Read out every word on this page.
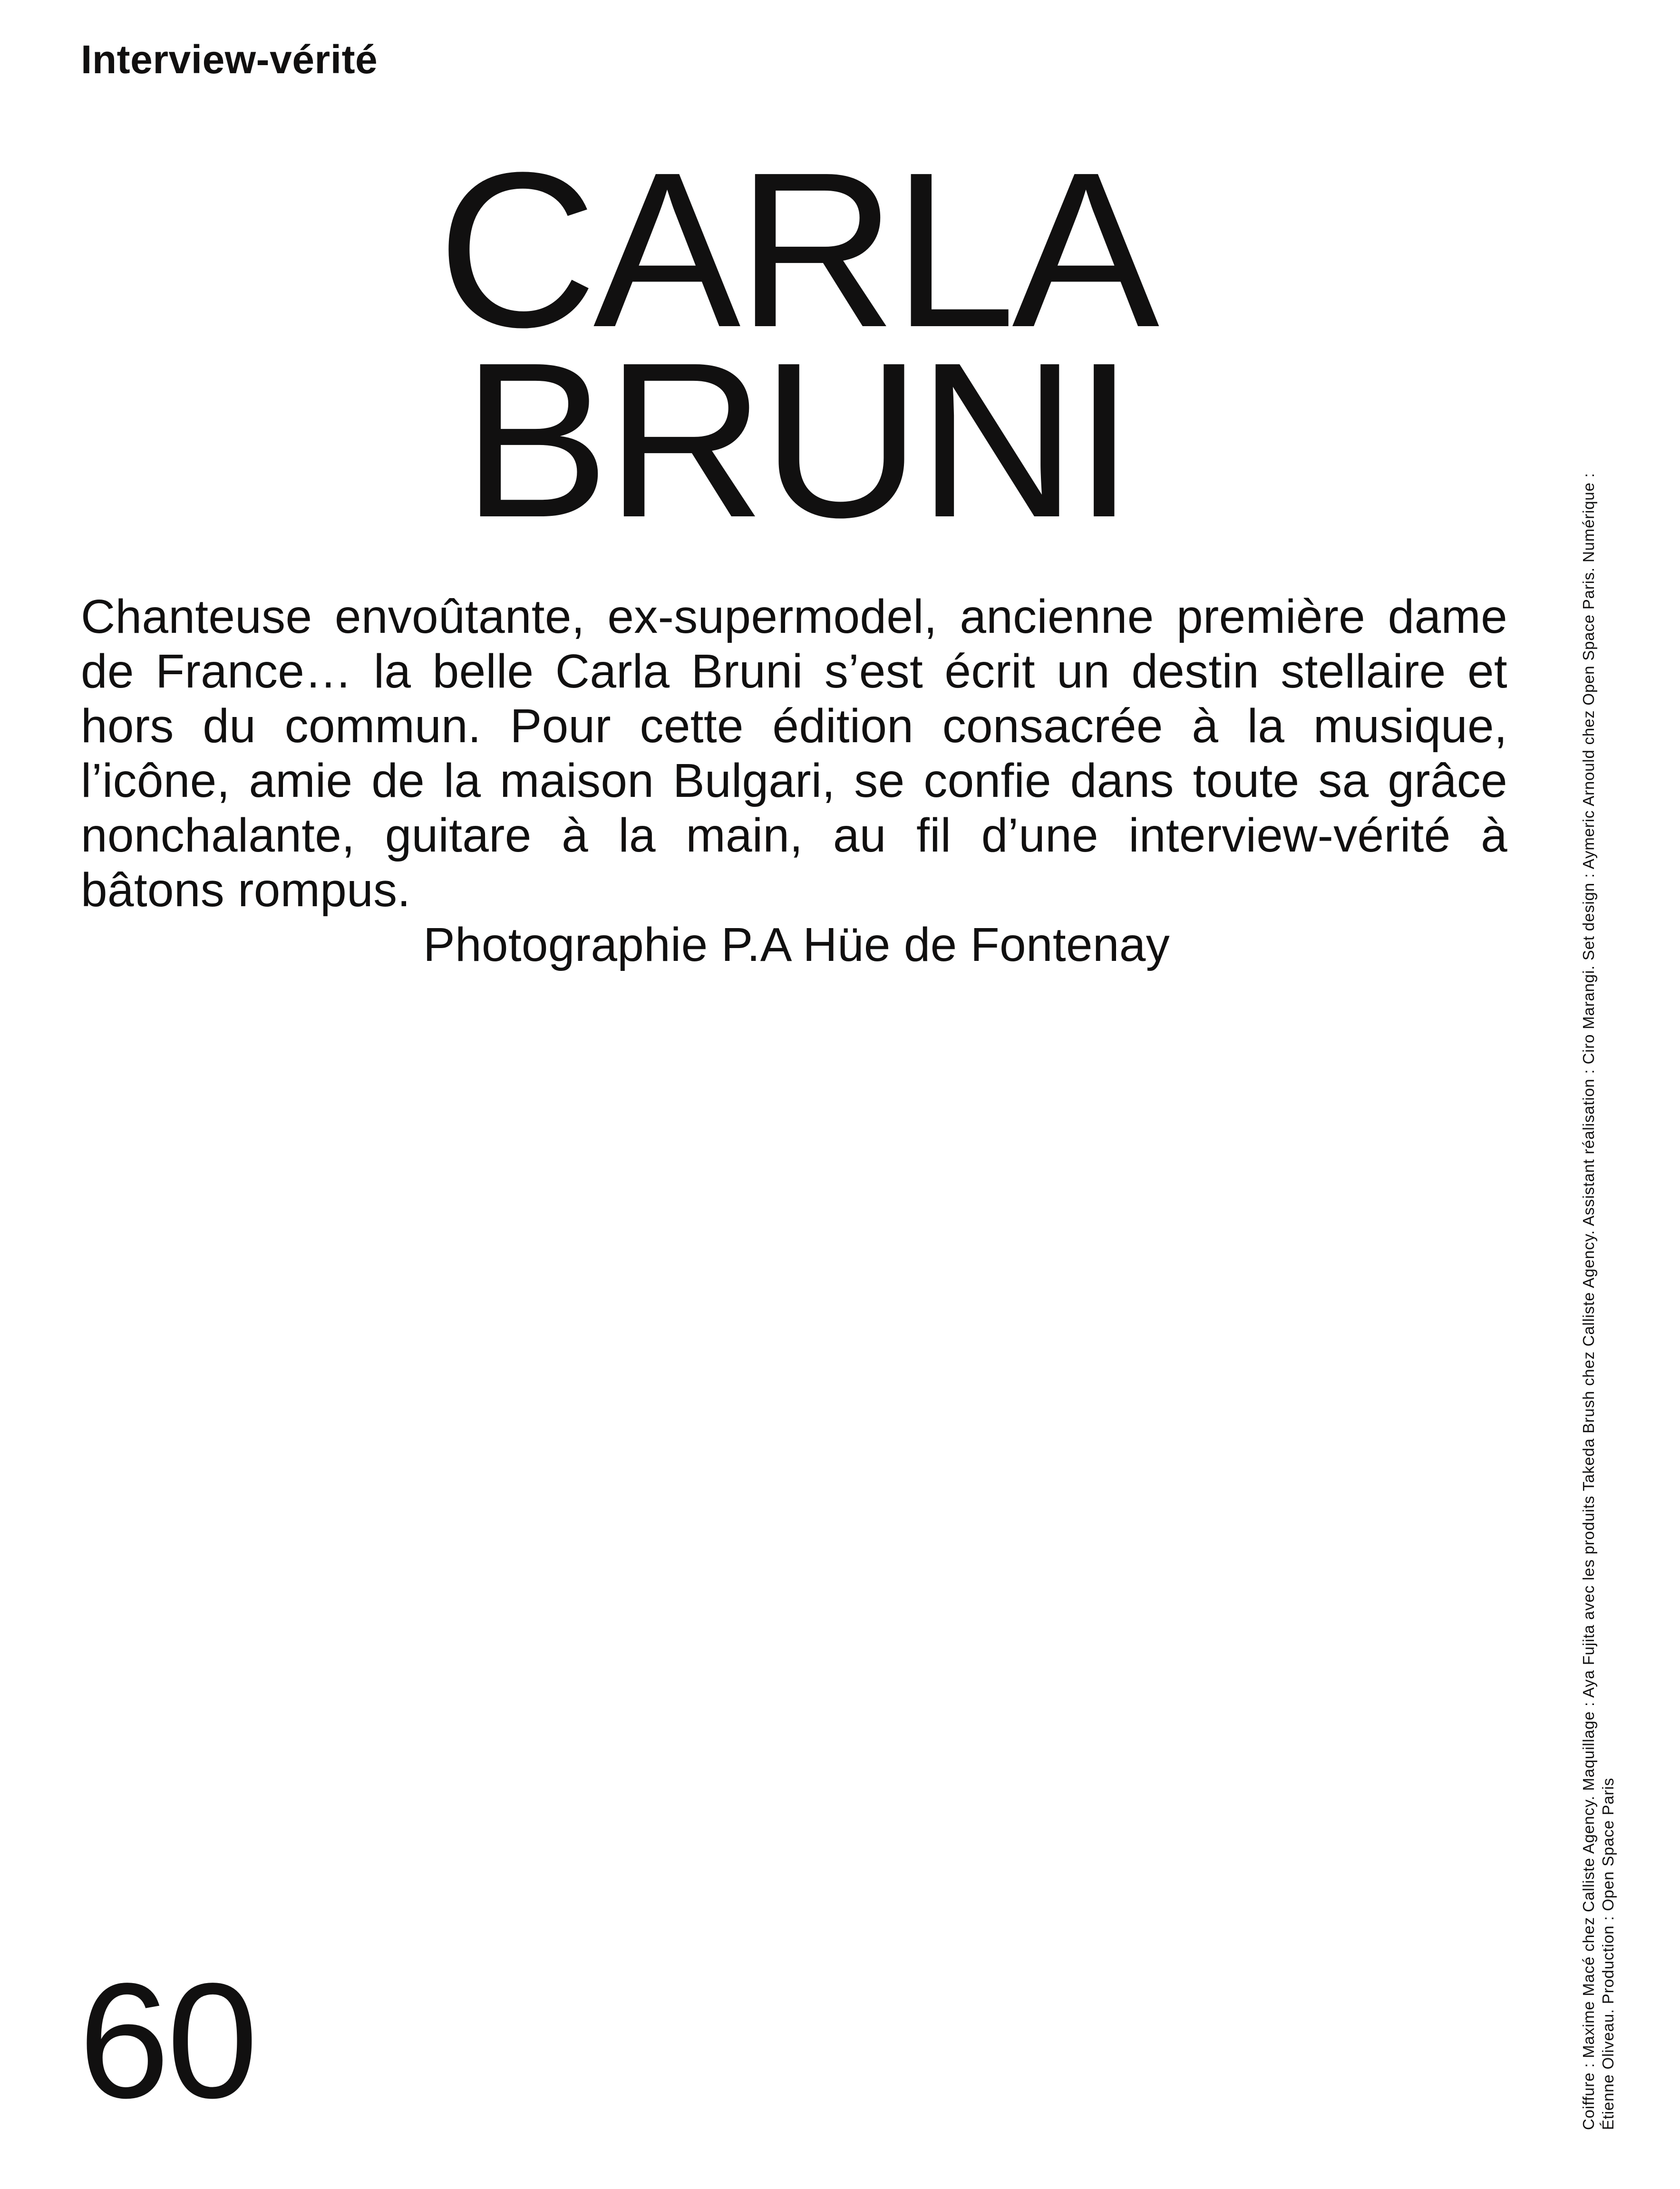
Interview-vérité
CARLA
BRUNI

Chanteuse envoûtante, ex-supermodel, ancienne première dame de France… la belle Carla Bruni s’est écrit un destin stellaire et hors du commun. Pour cette édition consacrée à la musique, l’icône, amie de la maison Bulgari, se confie dans toute sa grâce nonchalante, guitare à la main, au fil d’une interview-vérité à bâtons rompus.

Photographie P.A Hüe de Fontenay
60	Coiffure : Maxime Macé chez Calliste Agency. Maquillage : Aya Fujita avec les produits Takeda Brush chez Calliste Agency. Assistant réalisation : Ciro Marangi. Set design : Aymeric Arnould chez Open Space Paris. Numérique : Étienne Oliveau. Production : Open Space Paris
